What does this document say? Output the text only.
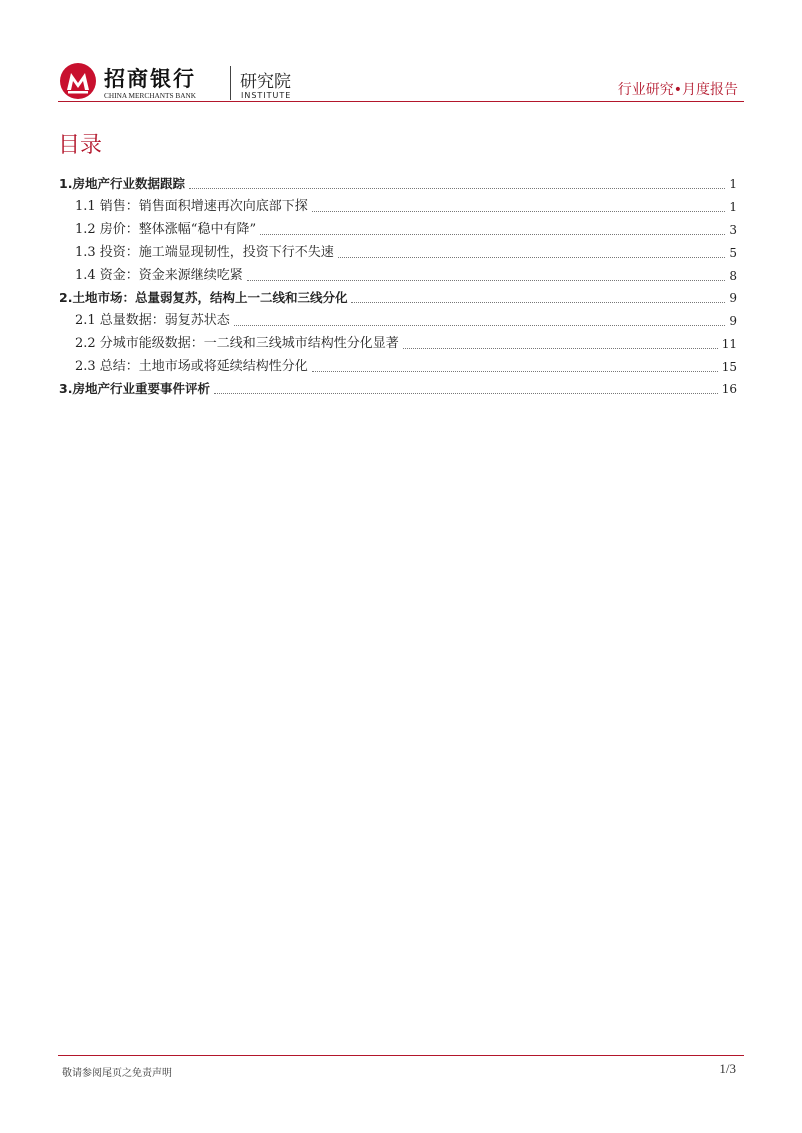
招商银行
CHINA MERCHANTS BANK
研究院
INSTITUTE	行业研究•月度报告
目录
1.房地产行业数据跟踪	1
1.1 销售：销售面积增速再次向底部下探	1
1.2 房价：整体涨幅“稳中有降”	3
1.3 投资：施工端显现韧性，投资下行不失速	5
1.4 资金：资金来源继续吃紧	8
2.土地市场：总量弱复苏，结构上一二线和三线分化	9
2.1 总量数据：弱复苏状态	9
2.2 分城市能级数据：一二线和三线城市结构性分化显著	11
2.3 总结：土地市场或将延续结构性分化	15
3.房地产行业重要事件评析	16
敬请参阅尾页之免责声明	1/3
